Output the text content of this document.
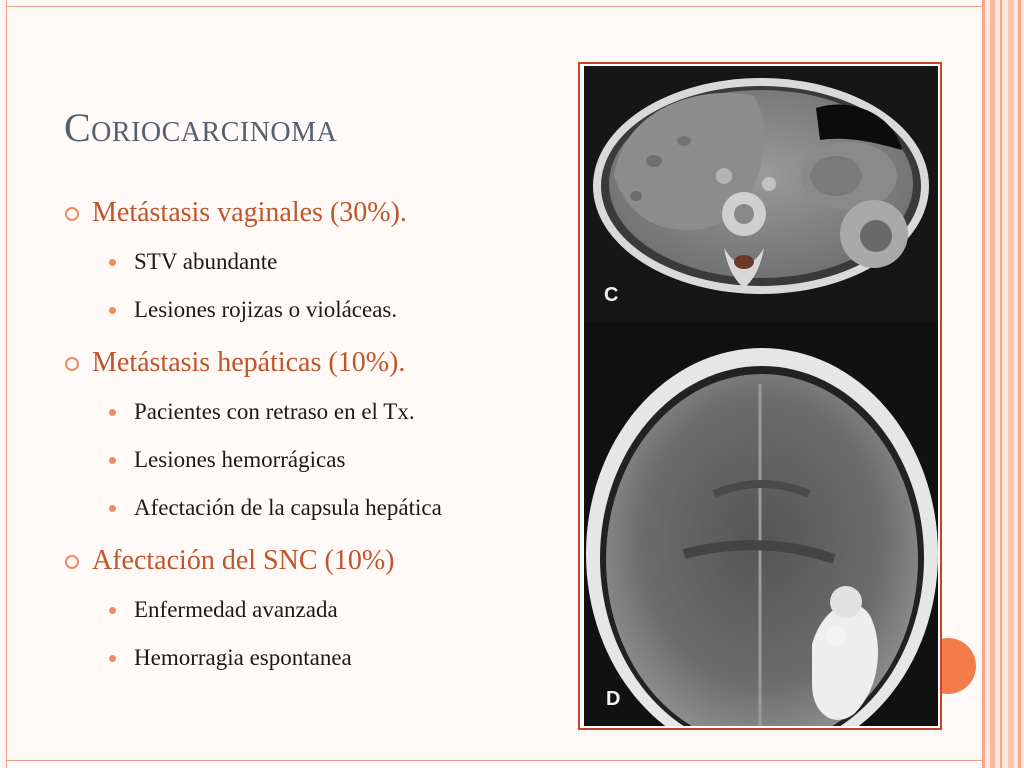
Coriocarcinoma
Metástasis vaginales (30%).
STV abundante
Lesiones rojizas o violáceas.
Metástasis hepáticas (10%).
Pacientes con retraso en el Tx.
Lesiones hemorrágicas
Afectación de la capsula hepática
Afectación del SNC (10%)
Enfermedad avanzada
Hemorragia espontanea
C
D
